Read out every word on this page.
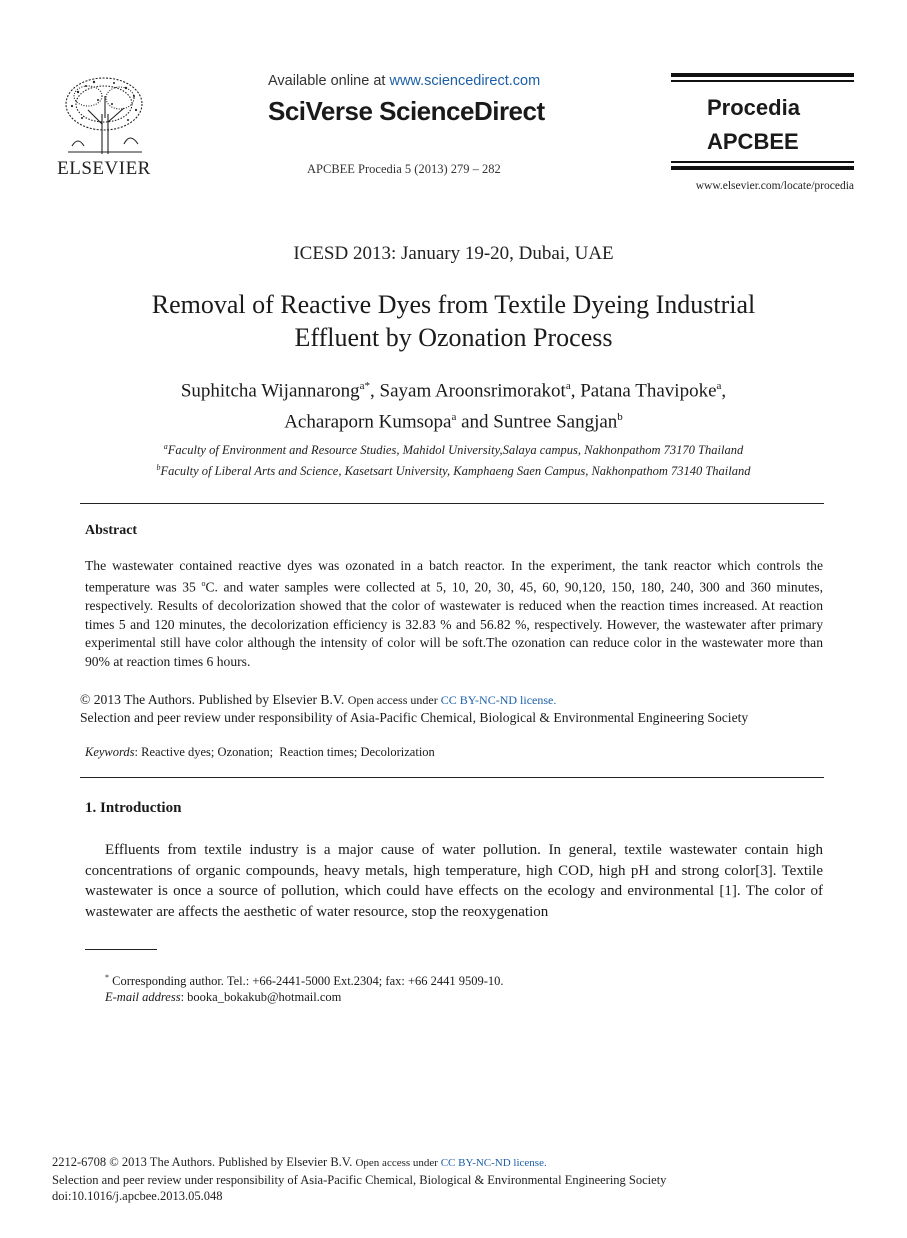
ELSEVIER
Available online at www.sciencedirect.com
SciVerse ScienceDirect
APCBEE Procedia 5 (2013) 279 – 282
Procedia
APCBEE
www.elsevier.com/locate/procedia
ICESD 2013: January 19-20, Dubai, UAE
Removal of Reactive Dyes from Textile Dyeing Industrial
Effluent by Ozonation Process
Suphitcha Wijannarong$^{a*}$, Sayam Aroonsrimorakot$^a$, Patana Thavipoke$^a$,
Acharaporn Kumsopa$^a$ and Suntree Sangjan$^b$
$^a$Faculty of Environment and Resource Studies, Mahidol University,Salaya campus, Nakhonpathom 73170 Thailand
$^b$Faculty of Liberal Arts and Science, Kasetsart University, Kamphaeng Saen Campus, Nakhonpathom 73140 Thailand
Abstract
The wastewater contained reactive dyes was ozonated in a batch reactor. In the experiment, the tank reactor which controls the temperature was 35 $^o$C. and water samples were collected at 5, 10, 20, 30, 45, 60, 90,120, 150, 180, 240, 300 and 360 minutes, respectively. Results of decolorization showed that the color of wastewater is reduced when the reaction times increased. At reaction times 5 and 120 minutes, the decolorization efficiency is 32.83 % and 56.82 %, respectively. However, the wastewater after primary experimental still have color although the intensity of color will be soft.The ozonation can reduce color in the wastewater more than 90% at reaction times 6 hours.
© 2013 The Authors. Published by Elsevier B.V. Open access under CC BY-NC-ND license.
Selection and peer review under responsibility of Asia-Pacific Chemical, Biological & Environmental Engineering Society
Keywords: Reactive dyes; Ozonation;  Reaction times; Decolorization
1. Introduction
Effluents from textile industry is a major cause of water pollution. In general, textile wastewater contain high concentrations of organic compounds, heavy metals, high temperature, high COD, high pH and strong color[3]. Textile wastewater is once a source of pollution, which could have effects on the ecology and environmental [1]. The color of wastewater are affects the aesthetic of water resource, stop the reoxygenation
* Corresponding author. Tel.: +66-2441-5000 Ext.2304; fax: +66 2441 9509-10.
E-mail address: booka_bokakub@hotmail.com
2212-6708 © 2013 The Authors. Published by Elsevier B.V. Open access under CC BY-NC-ND license.
Selection and peer review under responsibility of Asia-Pacific Chemical, Biological & Environmental Engineering Society
doi:10.1016/j.apcbee.2013.05.048
